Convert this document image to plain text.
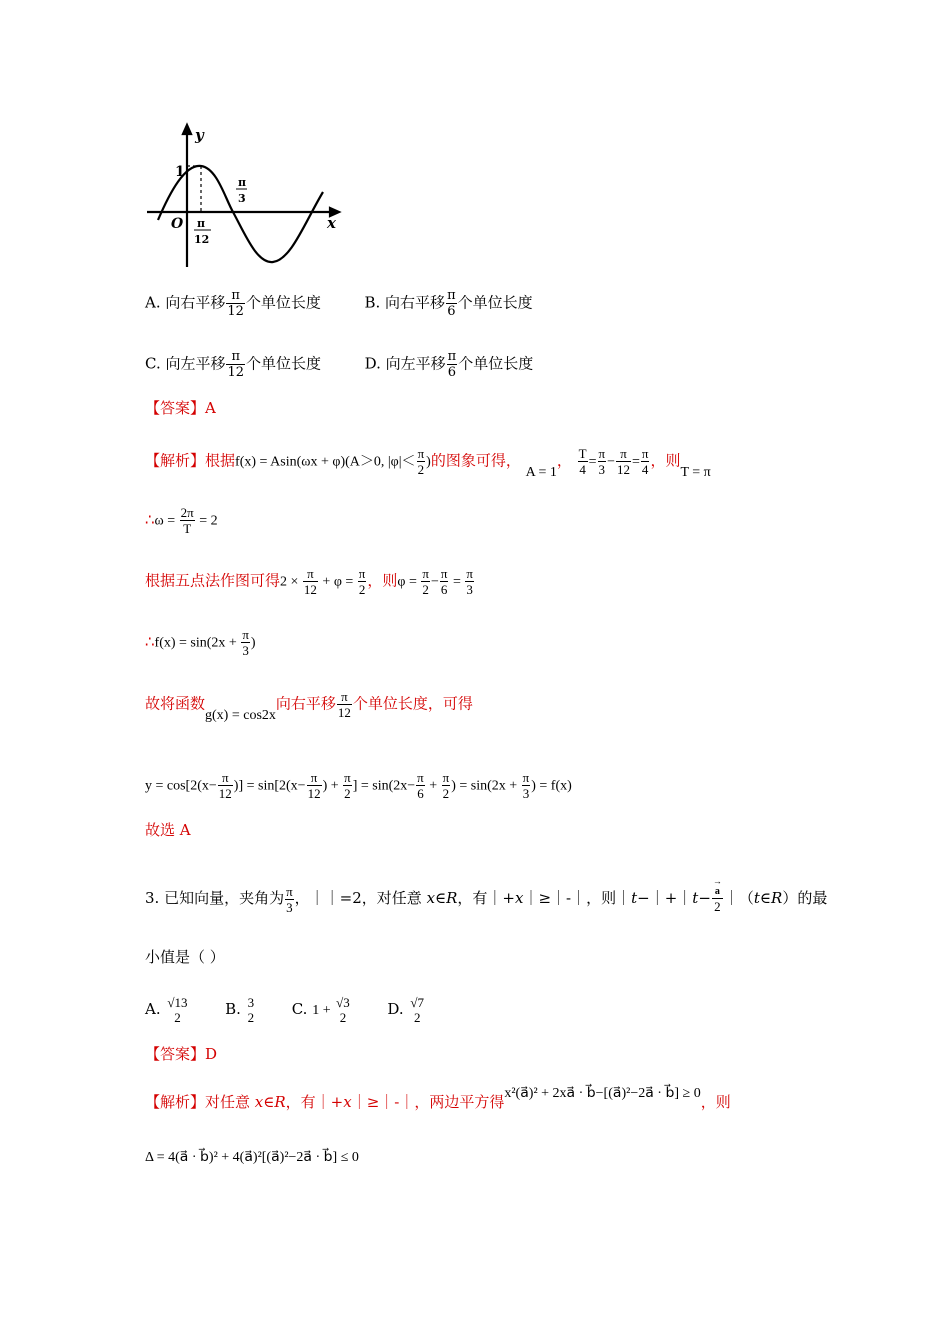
y
x
1
O π
12
π
3
A. 向右平移 $\frac{\pi}{12}$ 个单位长度	B. 向右平移 $\frac{\pi}{6}$ 个单位长度
C. 向左平移 $\frac{\pi}{12}$ 个单位长度	D. 向左平移 $\frac{\pi}{6}$ 个单位长度
【答案】A
【解析】根据f(x) = Asin(ωx + φ)(A＞0, $|\varphi|< \frac{\pi}{2}$ )的图象可得， A = 1， $\frac{T}{4} = \frac{\pi}{3} - \frac{\pi}{12} = \frac{\pi}{4}$ ，则T = π
∴ω = $\frac{2\pi}{T} = 2$
根据五点法作图可得$2 \times \frac{\pi}{12} + \varphi = \frac{\pi}{2}$ ，则$\varphi = \frac{\pi}{2} - \frac{\pi}{6} = \frac{\pi}{3}$
∴f(x) = $\sin(2x + \frac{\pi}{3}$ )
故将函数g(x) = cos2x向右平移 $\frac{\pi}{12}$ 个单位长度，可得
$y = \cos[2(x- \frac{\pi}{12}$ )] = $\sin[2(x- \frac{\pi}{12}$ ) + $\frac{\pi}{2}$ ] = $\sin(2x- \frac{\pi}{6} + \frac{\pi}{2}$ ) = $\sin(2x + \frac{\pi}{3}$ ) = f(x)
故选 A
3. 已知向量，夹角为 $\frac{\pi}{3}$ ，｜｜=2，对任意 x∈R，有｜+x｜≥｜-｜，则｜t−｜+｜t−
→
a
2 ｜（t∈R）的最
小值是（ ）
A. √13
2	B. 3
2	C. 1 +
√3
2	D. √7
2
【答案】D
【解析】对任意 x∈R，有｜+x｜≥｜-｜，两边平方得x²(a⃗)² + 2xa⃗ · b⃗−[(a⃗)²−2a⃗ · b⃗] ≥ 0，则
Δ = 4(a⃗ · b⃗)² + 4(a⃗)²[(a⃗)²−2a⃗ · b⃗] ≤ 0
